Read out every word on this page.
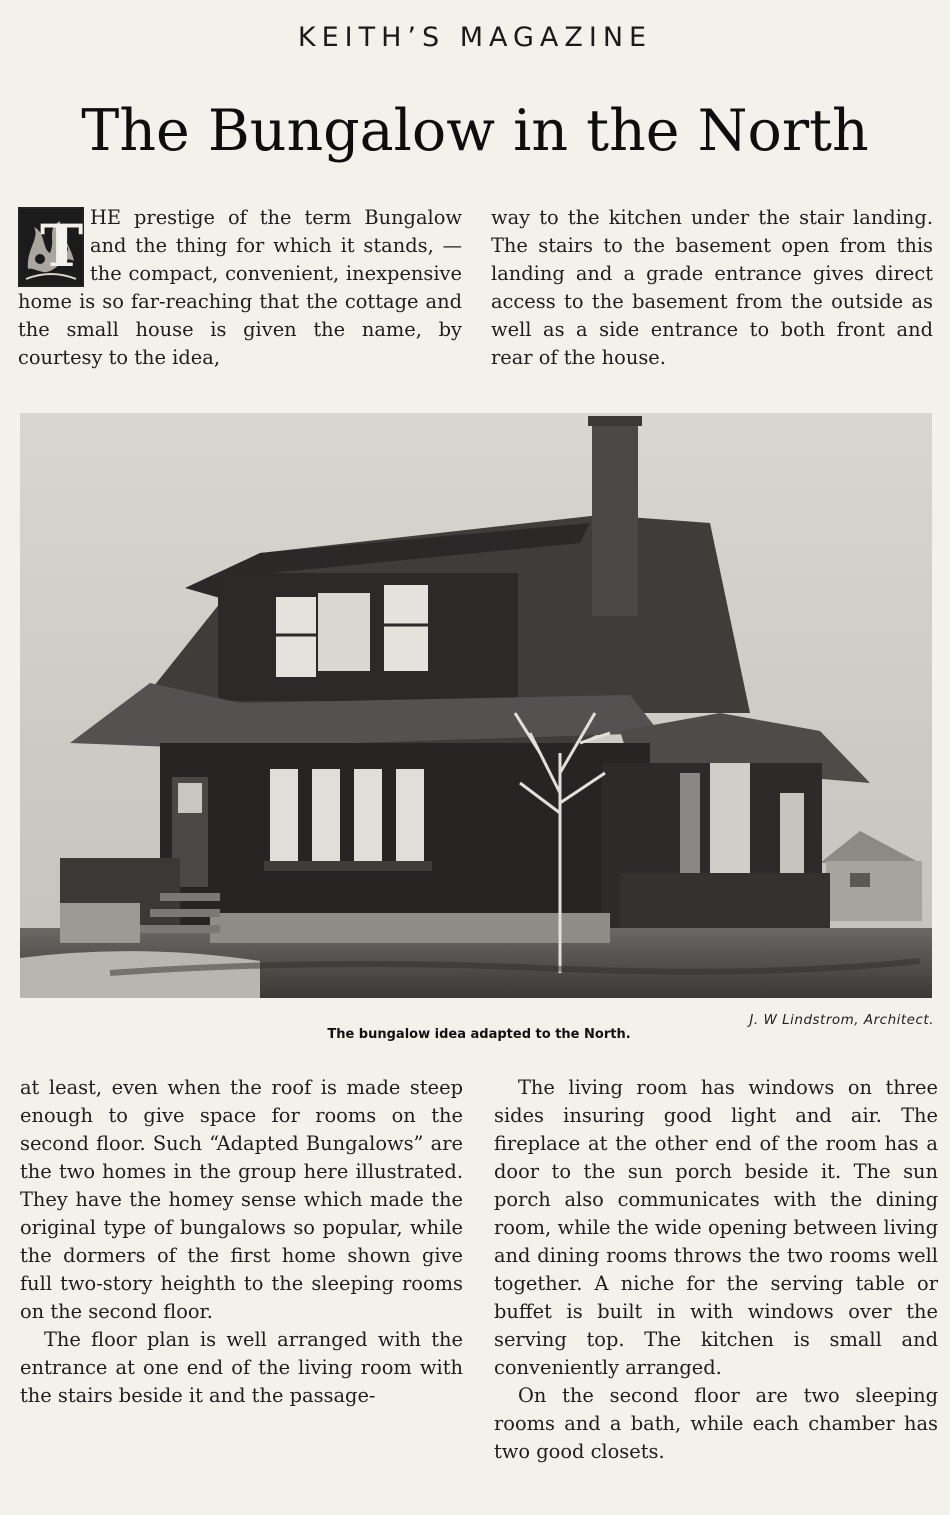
KEITH’S MAGAZINE
The Bungalow in the North
T HE prestige of the term Bungalow and the thing for which it stands, —the compact, convenient, inexpensive home is so far-reaching that the cottage and the small house is given the name, by courtesy to the idea,

way to the kitchen under the stair landing. The stairs to the basement open from this landing and a grade entrance gives direct access to the basement from the outside as well as a side entrance to both front and rear of the house.

J. W Lindstrom, Architect.
The bungalow idea adapted to the North.

at least, even when the roof is made steep enough to give space for rooms on the second floor. Such “Adapted Bungalows” are the two homes in the group here illustrated. They have the homey sense which made the original type of bungalows so popular, while the dormers of the first home shown give full two-story heighth to the sleeping rooms on the second floor.

The floor plan is well arranged with the entrance at one end of the living room with the stairs beside it and the passage-

The living room has windows on three sides insuring good light and air. The fireplace at the other end of the room has a door to the sun porch beside it. The sun porch also communicates with the dining room, while the wide opening between living and dining rooms throws the two rooms well together. A niche for the serving table or buffet is built in with windows over the serving top. The kitchen is small and conveniently arranged.

On the second floor are two sleeping rooms and a bath, while each chamber has two good closets.
